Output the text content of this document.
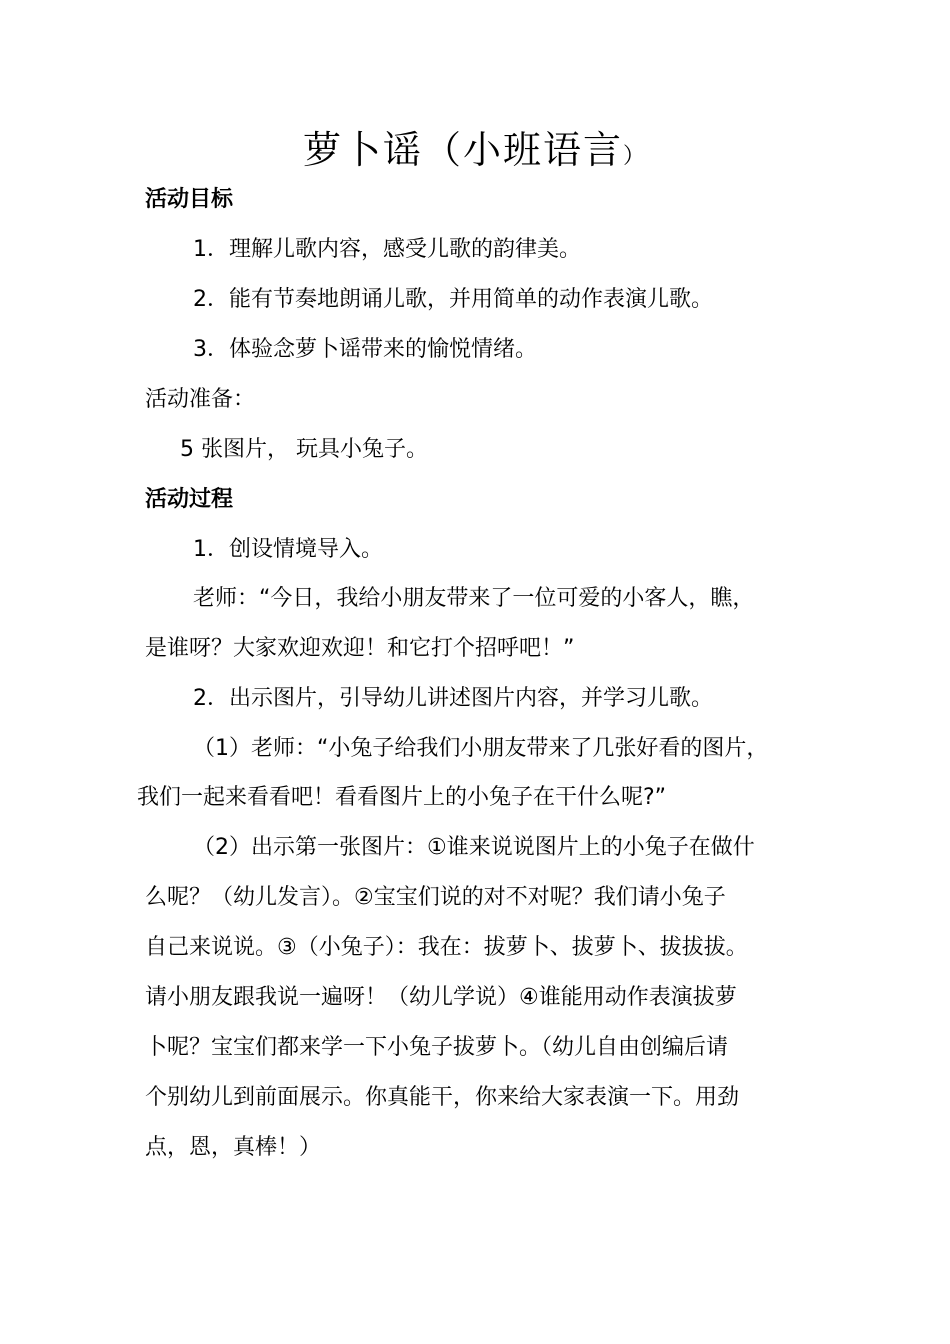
萝卜谣（小班语言）
活动目标
1．理解儿歌内容，感受儿歌的韵律美。
2．能有节奏地朗诵儿歌，并用简单的动作表演儿歌。
3．体验念萝卜谣带来的愉悦情绪。
活动准备：
5 张图片， 玩具小兔子。
活动过程
1．创设情境导入。
老师：“今日，我给小朋友带来了一位可爱的小客人，瞧，
是谁呀？大家欢迎欢迎！和它打个招呼吧！”
2．出示图片，引导幼儿讲述图片内容，并学习儿歌。
（1）老师：“小兔子给我们小朋友带来了几张好看的图片，
我们一起来看看吧！看看图片上的小兔子在干什么呢?”
（2）出示第一张图片：①谁来说说图片上的小兔子在做什
么呢？（幼儿发言）。②宝宝们说的对不对呢？我们请小兔子
自己来说说。③（小兔子）：我在：拔萝卜、拔萝卜、拔拔拔。
请小朋友跟我说一遍呀！（幼儿学说）④谁能用动作表演拔萝
卜呢？宝宝们都来学一下小兔子拔萝卜。（幼儿自由创编后请
个别幼儿到前面展示。你真能干，你来给大家表演一下。用劲
点，恩，真棒！）
